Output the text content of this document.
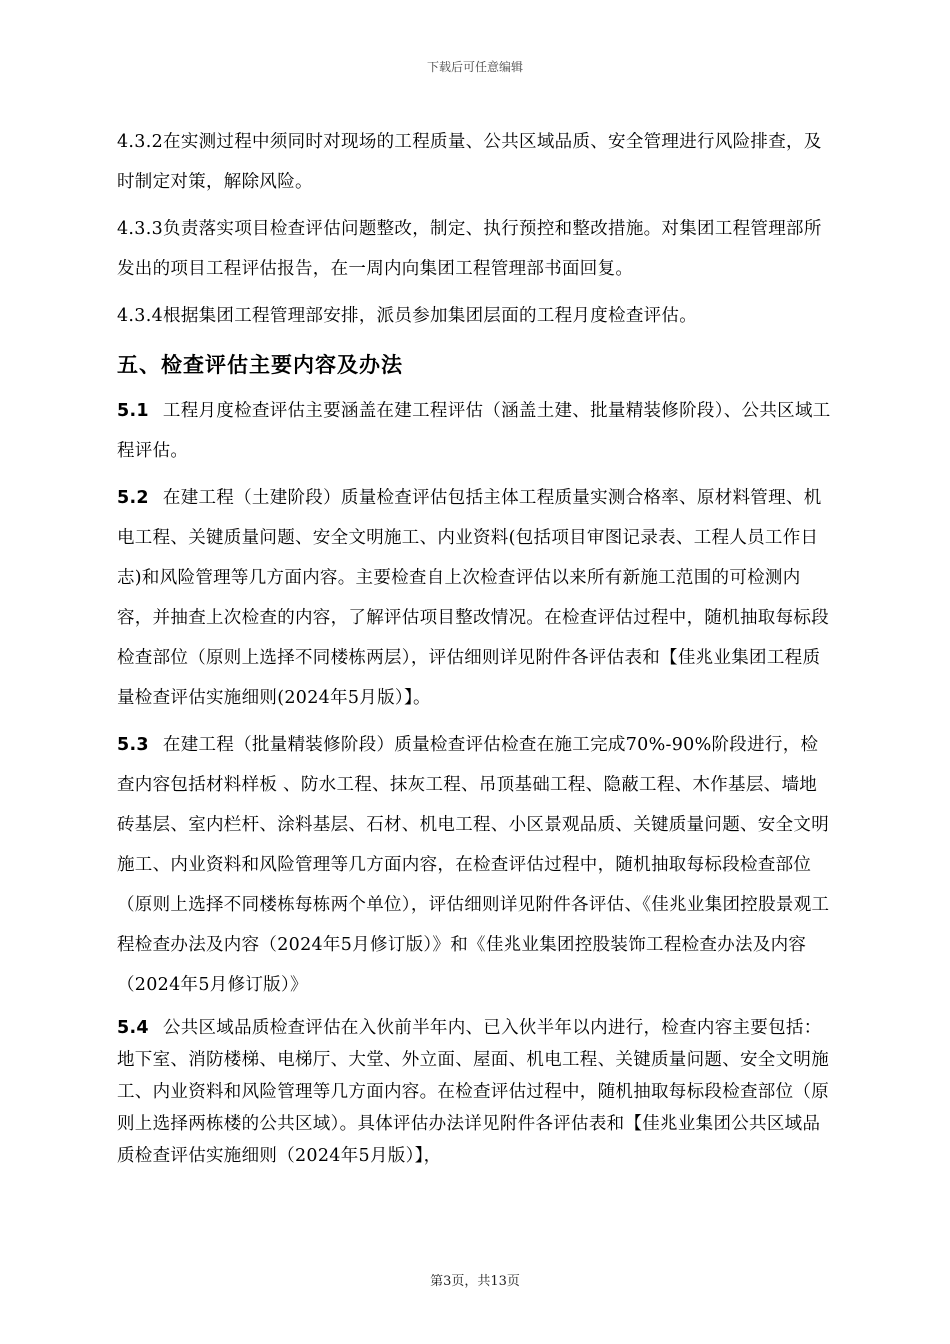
下载后可任意编辑

4.3.2在实测过程中须同时对现场的工程质量、公共区域品质、安全管理进行风险排查，及时制定对策，解除风险。

4.3.3负责落实项目检查评估问题整改，制定、执行预控和整改措施。对集团工程管理部所发出的项目工程评估报告，在一周内向集团工程管理部书面回复。

4.3.4根据集团工程管理部安排，派员参加集团层面的工程月度检查评估。

五、检查评估主要内容及办法

5.1 工程月度检查评估主要涵盖在建工程评估（涵盖土建、批量精装修阶段）、公共区域工程评估。

5.2 在建工程（土建阶段）质量检查评估包括主体工程质量实测合格率、原材料管理、机电工程、关键质量问题、安全文明施工、内业资料(包括项目审图记录表、工程人员工作日志)和风险管理等几方面内容。主要检查自上次检查评估以来所有新施工范围的可检测内容，并抽查上次检查的内容，了解评估项目整改情况。在检查评估过程中，随机抽取每标段检查部位（原则上选择不同楼栋两层），评估细则详见附件各评估表和【佳兆业集团工程质量检查评估实施细则(2024年5月版）】。

5.3 在建工程（批量精装修阶段）质量检查评估检查在施工完成70%-90%阶段进行，检查内容包括材料样板 、防水工程、抹灰工程、吊顶基础工程、隐蔽工程、木作基层、墙地砖基层、室内栏杆、涂料基层、石材、机电工程、小区景观品质、关键质量问题、安全文明施工、内业资料和风险管理等几方面内容，在检查评估过程中，随机抽取每标段检查部位（原则上选择不同楼栋每栋两个单位），评估细则详见附件各评估、《佳兆业集团控股景观工程检查办法及内容（2024年5月修订版）》和《佳兆业集团控股装饰工程检查办法及内容（2024年5月修订版）》

5.4 公共区域品质检查评估在入伙前半年内、已入伙半年以内进行，检查内容主要包括：地下室、消防楼梯、电梯厅、大堂、外立面、屋面、机电工程、关键质量问题、安全文明施工、内业资料和风险管理等几方面内容。在检查评估过程中，随机抽取每标段检查部位（原则上选择两栋楼的公共区域）。具体评估办法详见附件各评估表和【佳兆业集团公共区域品质检查评估实施细则（2024年5月版）】，

第3页，共13页
